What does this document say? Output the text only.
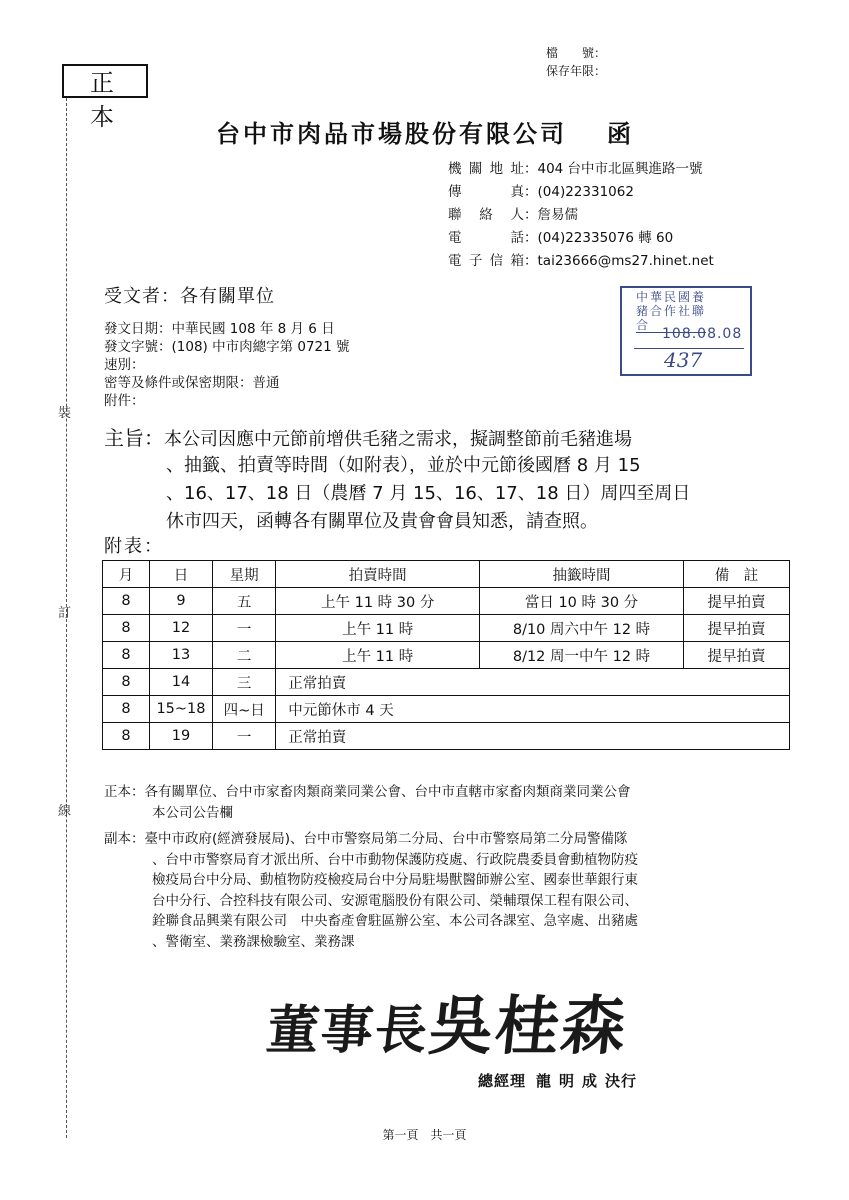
檔　　號：
保存年限：
正本
裝
訂
線
台中市肉品市場股份有限公司 函
機關地址：404 台中市北區興進路一號
傳　　真：(04)22331062
聯 絡 人：詹易儒
電　　話：(04)22335076 轉 60
電子信箱：tai23666@ms27.hinet.net
受文者：各有關單位
發文日期：中華民國 108 年 8 月 6 日
發文字號：(108) 中市肉總字第 0721 號
速別：
密等及條件或保密期限：普通
附件：
中華民國養豬合作社聯合
108.08.08
437
主旨：本公司因應中元節前增供毛豬之需求，擬調整節前毛豬進場
、抽籤、拍賣等時間（如附表），並於中元節後國曆 8 月 15
、16、17、18 日（農曆 7 月 15、16、17、18 日）周四至周日
休市四天，函轉各有關單位及貴會會員知悉，請查照。
附表：
月	日	星期	拍賣時間	抽籤時間	備　註
8	9	五	上午 11 時 30 分	當日 10 時 30 分	提早拍賣
8	12	一	上午 11 時	8/10 周六中午 12 時	提早拍賣
8	13	二	上午 11 時	8/12 周一中午 12 時	提早拍賣
8	14	三	正常拍賣		
8	15~18	四~日	中元節休市 4 天		
8	19	一	正常拍賣		
正本：各有關單位、台中市家畜肉類商業同業公會、台中市直轄市家畜肉類商業同業公會
本公司公告欄
副本：臺中市政府(經濟發展局)、台中市警察局第二分局、台中市警察局第二分局警備隊
、台中市警察局育才派出所、台中市動物保護防疫處、行政院農委員會動植物防疫
檢疫局台中分局、動植物防疫檢疫局台中分局駐場獸醫師辦公室、國泰世華銀行東
台中分行、合控科技有限公司、安源電腦股份有限公司、榮輔環保工程有限公司、
銓聯食品興業有限公司　中央畜產會駐區辦公室、本公司各課室、急宰處、出豬處
、警衛室、業務課檢驗室、業務課
董事長吳桂森
總經理 龍明成決行
第一頁　共一頁
